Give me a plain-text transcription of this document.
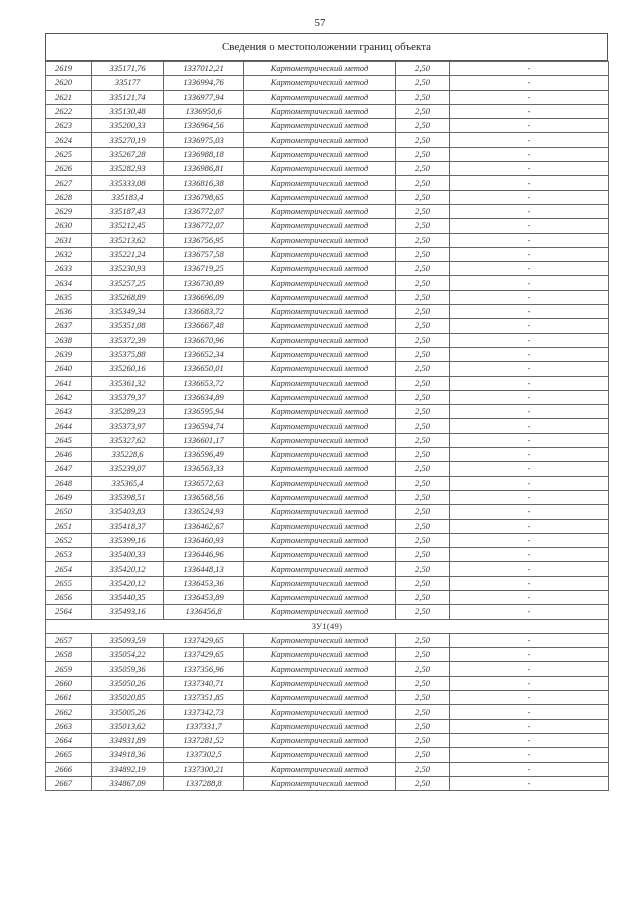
57
Сведения о местоположении границ объекта
2619	335171,76	1337012,21	Картометрический метод	2,50	-
2620	335177	1336994,76	Картометрический метод	2,50	-
2621	335121,74	1336977,94	Картометрический метод	2,50	-
2622	335130,48	1336950,6	Картометрический метод	2,50	-
2623	335200,33	1336964,56	Картометрический метод	2,50	-
2624	335270,19	1336975,03	Картометрический метод	2,50	-
2625	335267,28	1336988,18	Картометрический метод	2,50	-
2626	335282,93	1336986,81	Картометрический метод	2,50	-
2627	335333,08	1336816,38	Картометрический метод	2,50	-
2628	335183,4	1336798,65	Картометрический метод	2,50	-
2629	335187,43	1336772,07	Картометрический метод	2,50	-
2630	335212,45	1336772,07	Картометрический метод	2,50	-
2631	335213,62	1336756,95	Картометрический метод	2,50	-
2632	335221,24	1336757,58	Картометрический метод	2,50	-
2633	335230,93	1336719,25	Картометрический метод	2,50	-
2634	335257,25	1336730,89	Картометрический метод	2,50	-
2635	335268,89	1336696,09	Картометрический метод	2,50	-
2636	335349,34	1336683,72	Картометрический метод	2,50	-
2637	335351,08	1336667,48	Картометрический метод	2,50	-
2638	335372,39	1336670,96	Картометрический метод	2,50	-
2639	335375,88	1336652,34	Картометрический метод	2,50	-
2640	335260,16	1336650,01	Картометрический метод	2,50	-
2641	335361,32	1336653,72	Картометрический метод	2,50	-
2642	335379,37	1336634,89	Картометрический метод	2,50	-
2643	335289,23	1336595,94	Картометрический метод	2,50	-
2644	335373,97	1336594,74	Картометрический метод	2,50	-
2645	335327,62	1336601,17	Картометрический метод	2,50	-
2646	335228,6	1336596,49	Картометрический метод	2,50	-
2647	335239,07	1336563,33	Картометрический метод	2,50	-
2648	335365,4	1336572,63	Картометрический метод	2,50	-
2649	335398,51	1336568,56	Картометрический метод	2,50	-
2650	335403,83	1336524,93	Картометрический метод	2,50	-
2651	335418,37	1336462,67	Картометрический метод	2,50	-
2652	335399,16	1336460,93	Картометрический метод	2,50	-
2653	335400,33	1336446,96	Картометрический метод	2,50	-
2654	335420,12	1336448,13	Картометрический метод	2,50	-
2655	335420,12	1336453,36	Картометрический метод	2,50	-
2656	335440,35	1336453,89	Картометрический метод	2,50	-
2564	335493,16	1336456,8	Картометрический метод	2,50	-
ЗУ1(49)					
2657	335093,59	1337429,65	Картометрический метод	2,50	-
2658	335054,22	1337429,65	Картометрический метод	2,50	-
2659	335059,36	1337356,96	Картометрический метод	2,50	-
2660	335050,26	1337340,71	Картометрический метод	2,50	-
2661	335020,85	1337351,85	Картометрический метод	2,50	-
2662	335005,26	1337342,73	Картометрический метод	2,50	-
2663	335013,62	1337331,7	Картометрический метод	2,50	-
2664	334931,89	1337281,52	Картометрический метод	2,50	-
2665	334918,36	1337302,5	Картометрический метод	2,50	-
2666	334892,19	1337300,21	Картометрический метод	2,50	-
2667	334867,09	1337288,8	Картометрический метод	2,50	-
